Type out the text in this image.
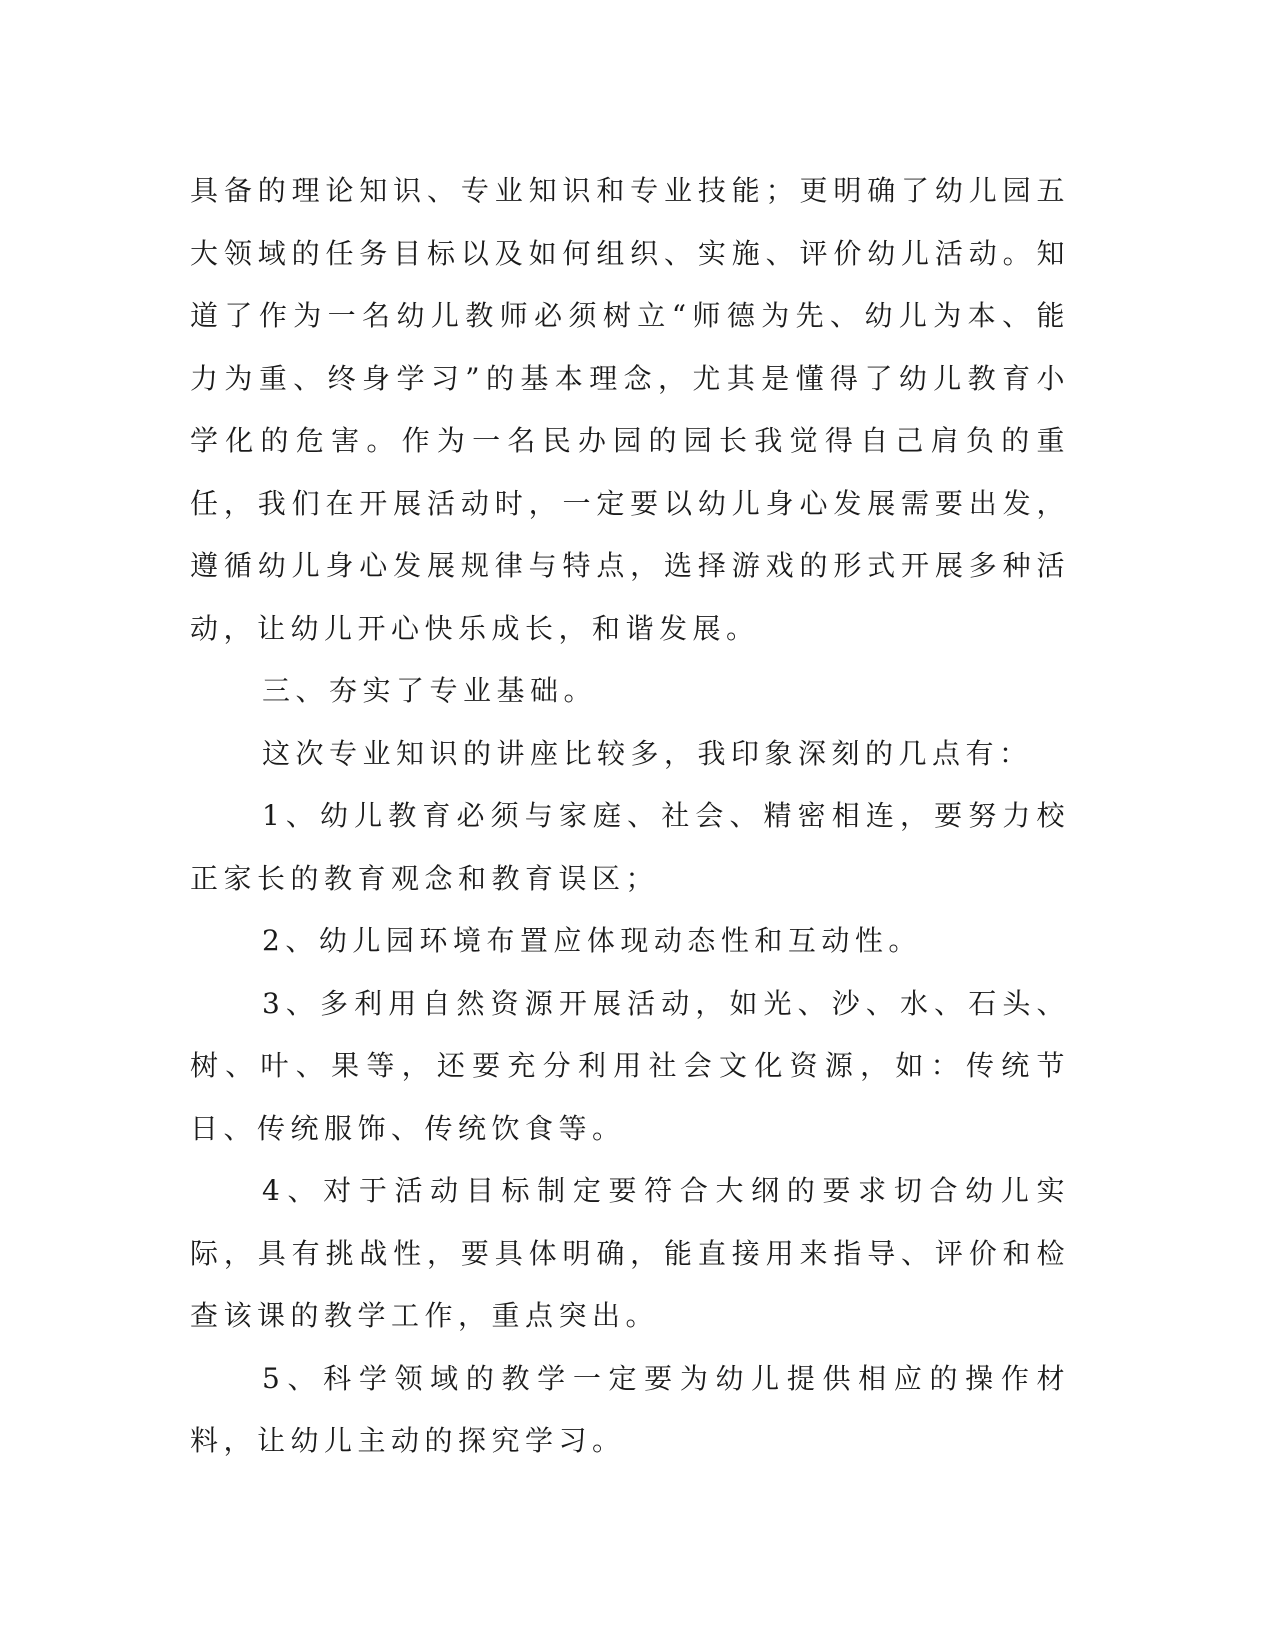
具备的理论知识、专业知识和专业技能；更明确了幼儿园五大领域的任务目标以及如何组织、实施、评价幼儿活动。知道了作为一名幼儿教师必须树立“师德为先、幼儿为本、能力为重、终身学习”的基本理念，尤其是懂得了幼儿教育小学化的危害。作为一名民办园的园长我觉得自己肩负的重任，我们在开展活动时，一定要以幼儿身心发展需要出发，遵循幼儿身心发展规律与特点，选择游戏的形式开展多种活动，让幼儿开心快乐成长，和谐发展。

三、夯实了专业基础。

这次专业知识的讲座比较多，我印象深刻的几点有：

1、幼儿教育必须与家庭、社会、精密相连，要努力校正家长的教育观念和教育误区；

2、幼儿园环境布置应体现动态性和互动性。

3、多利用自然资源开展活动，如光、沙、水、石头、树、叶、果等，还要充分利用社会文化资源，如：传统节日、传统服饰、传统饮食等。

4、对于活动目标制定要符合大纲的要求切合幼儿实际，具有挑战性，要具体明确，能直接用来指导、评价和检查该课的教学工作，重点突出。

5、科学领域的教学一定要为幼儿提供相应的操作材料，让幼儿主动的探究学习。
